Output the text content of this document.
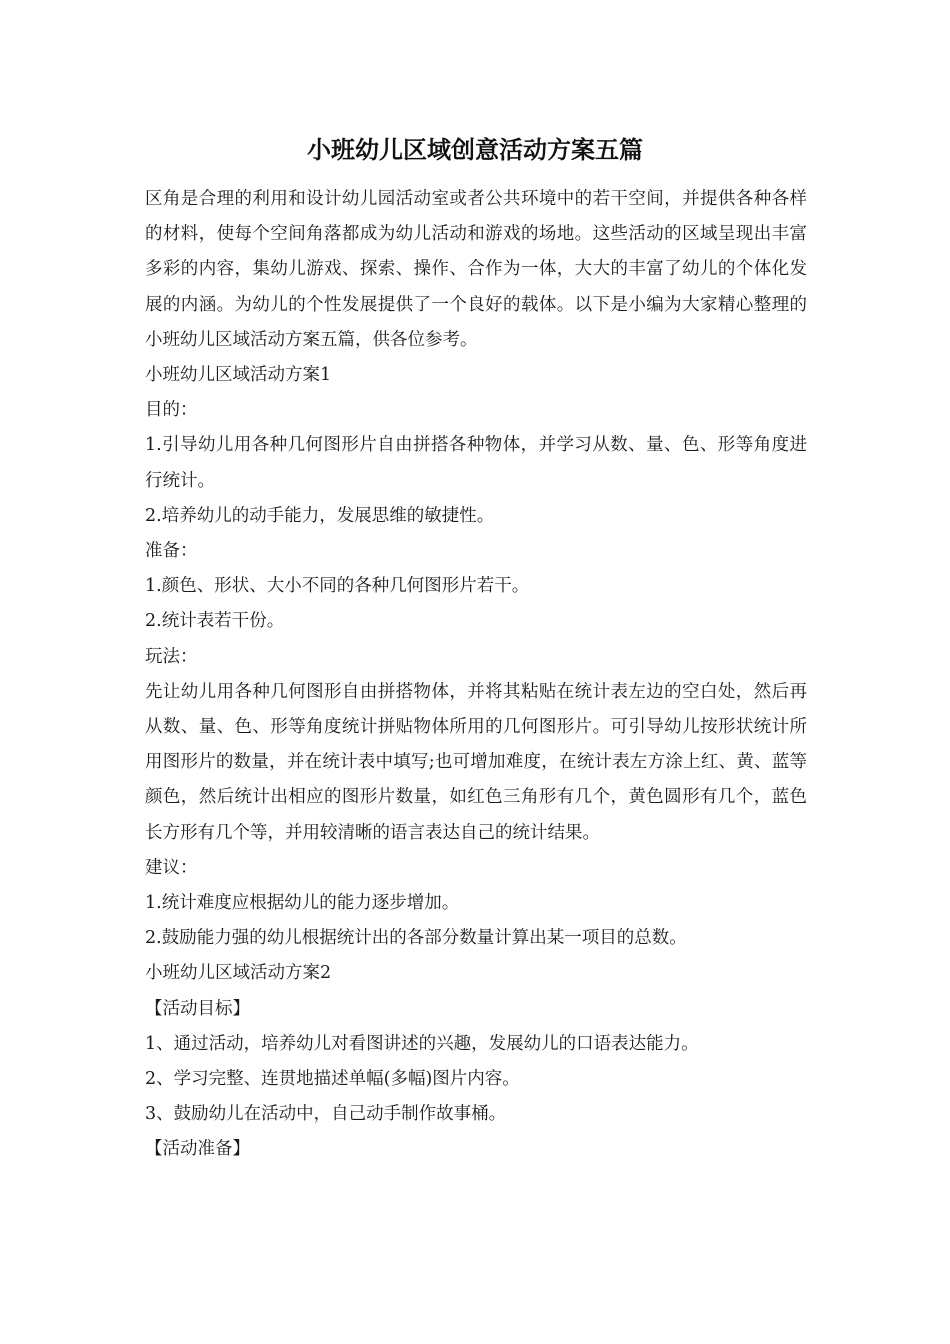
小班幼儿区域创意活动方案五篇

区角是合理的利用和设计幼儿园活动室或者公共环境中的若干空间，并提供各种各样的材料，使每个空间角落都成为幼儿活动和游戏的场地。这些活动的区域呈现出丰富多彩的内容，集幼儿游戏、探索、操作、合作为一体，大大的丰富了幼儿的个体化发展的内涵。为幼儿的个性发展提供了一个良好的载体。以下是小编为大家精心整理的小班幼儿区域活动方案五篇，供各位参考。

小班幼儿区域活动方案1

目的：

1.引导幼儿用各种几何图形片自由拼搭各种物体，并学习从数、量、色、形等角度进行统计。

2.培养幼儿的动手能力，发展思维的敏捷性。

准备：

1.颜色、形状、大小不同的各种几何图形片若干。

2.统计表若干份。

玩法：

先让幼儿用各种几何图形自由拼搭物体，并将其粘贴在统计表左边的空白处，然后再从数、量、色、形等角度统计拼贴物体所用的几何图形片。可引导幼儿按形状统计所用图形片的数量，并在统计表中填写;也可增加难度，在统计表左方涂上红、黄、蓝等颜色，然后统计出相应的图形片数量，如红色三角形有几个，黄色圆形有几个，蓝色长方形有几个等，并用较清晰的语言表达自己的统计结果。

建议：

1.统计难度应根据幼儿的能力逐步增加。

2.鼓励能力强的幼儿根据统计出的各部分数量计算出某一项目的总数。

小班幼儿区域活动方案2

【活动目标】

1、通过活动，培养幼儿对看图讲述的兴趣，发展幼儿的口语表达能力。

2、学习完整、连贯地描述单幅(多幅)图片内容。

3、鼓励幼儿在活动中，自己动手制作故事桶。

【活动准备】
